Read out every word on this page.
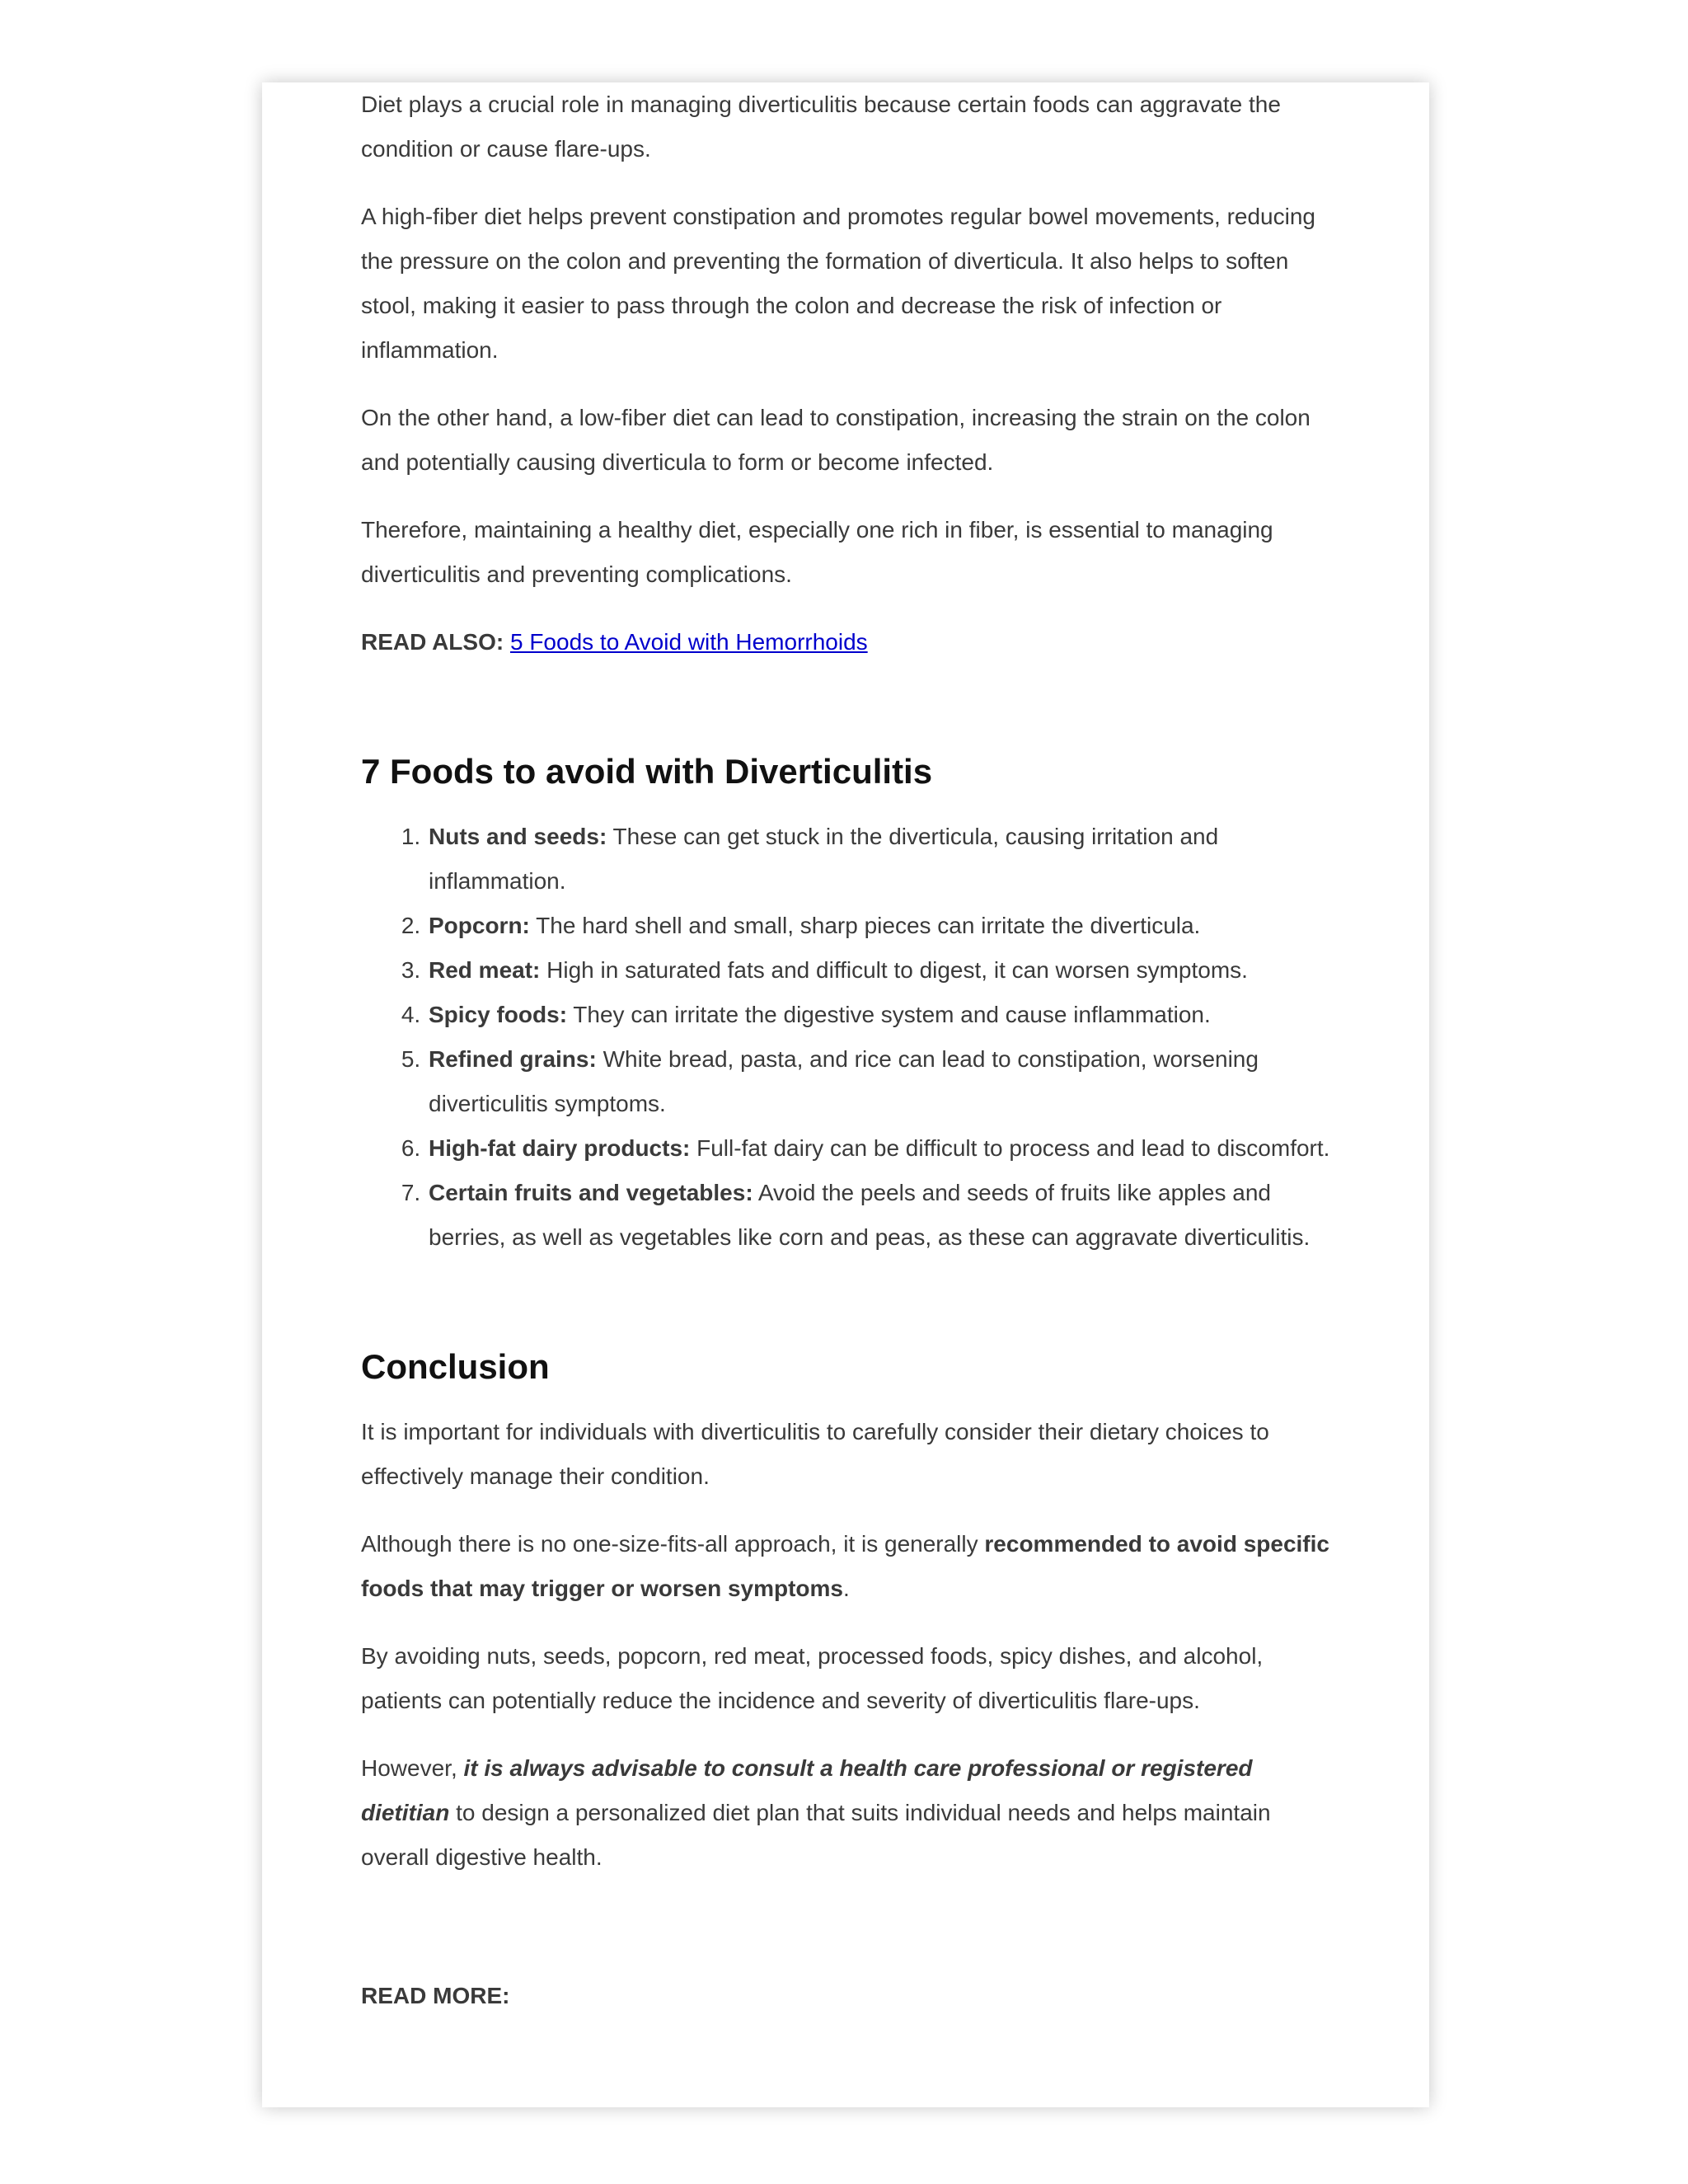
Diet plays a crucial role in managing diverticulitis because certain foods can aggravate the condition or cause flare-ups.

A high-fiber diet helps prevent constipation and promotes regular bowel movements, reducing the pressure on the colon and preventing the formation of diverticula. It also helps to soften stool, making it easier to pass through the colon and decrease the risk of infection or inflammation.

On the other hand, a low-fiber diet can lead to constipation, increasing the strain on the colon and potentially causing diverticula to form or become infected.

Therefore, maintaining a healthy diet, especially one rich in fiber, is essential to managing diverticulitis and preventing complications.

READ ALSO: 5 Foods to Avoid with Hemorrhoids

7 Foods to avoid with Diverticulitis
1. Nuts and seeds: These can get stuck in the diverticula, causing irritation and inflammation.
2. Popcorn: The hard shell and small, sharp pieces can irritate the diverticula.
3. Red meat: High in saturated fats and difficult to digest, it can worsen symptoms.
4. Spicy foods: They can irritate the digestive system and cause inflammation.
5. Refined grains: White bread, pasta, and rice can lead to constipation, worsening diverticulitis symptoms.
6. High-fat dairy products: Full-fat dairy can be difficult to process and lead to discomfort.
7. Certain fruits and vegetables: Avoid the peels and seeds of fruits like apples and berries, as well as vegetables like corn and peas, as these can aggravate diverticulitis.
Conclusion

It is important for individuals with diverticulitis to carefully consider their dietary choices to effectively manage their condition.

Although there is no one-size-fits-all approach, it is generally recommended to avoid specific foods that may trigger or worsen symptoms.

By avoiding nuts, seeds, popcorn, red meat, processed foods, spicy dishes, and alcohol, patients can potentially reduce the incidence and severity of diverticulitis flare-ups.

However, it is always advisable to consult a health care professional or registered dietitian to design a personalized diet plan that suits individual needs and helps maintain overall digestive health.

READ MORE:
